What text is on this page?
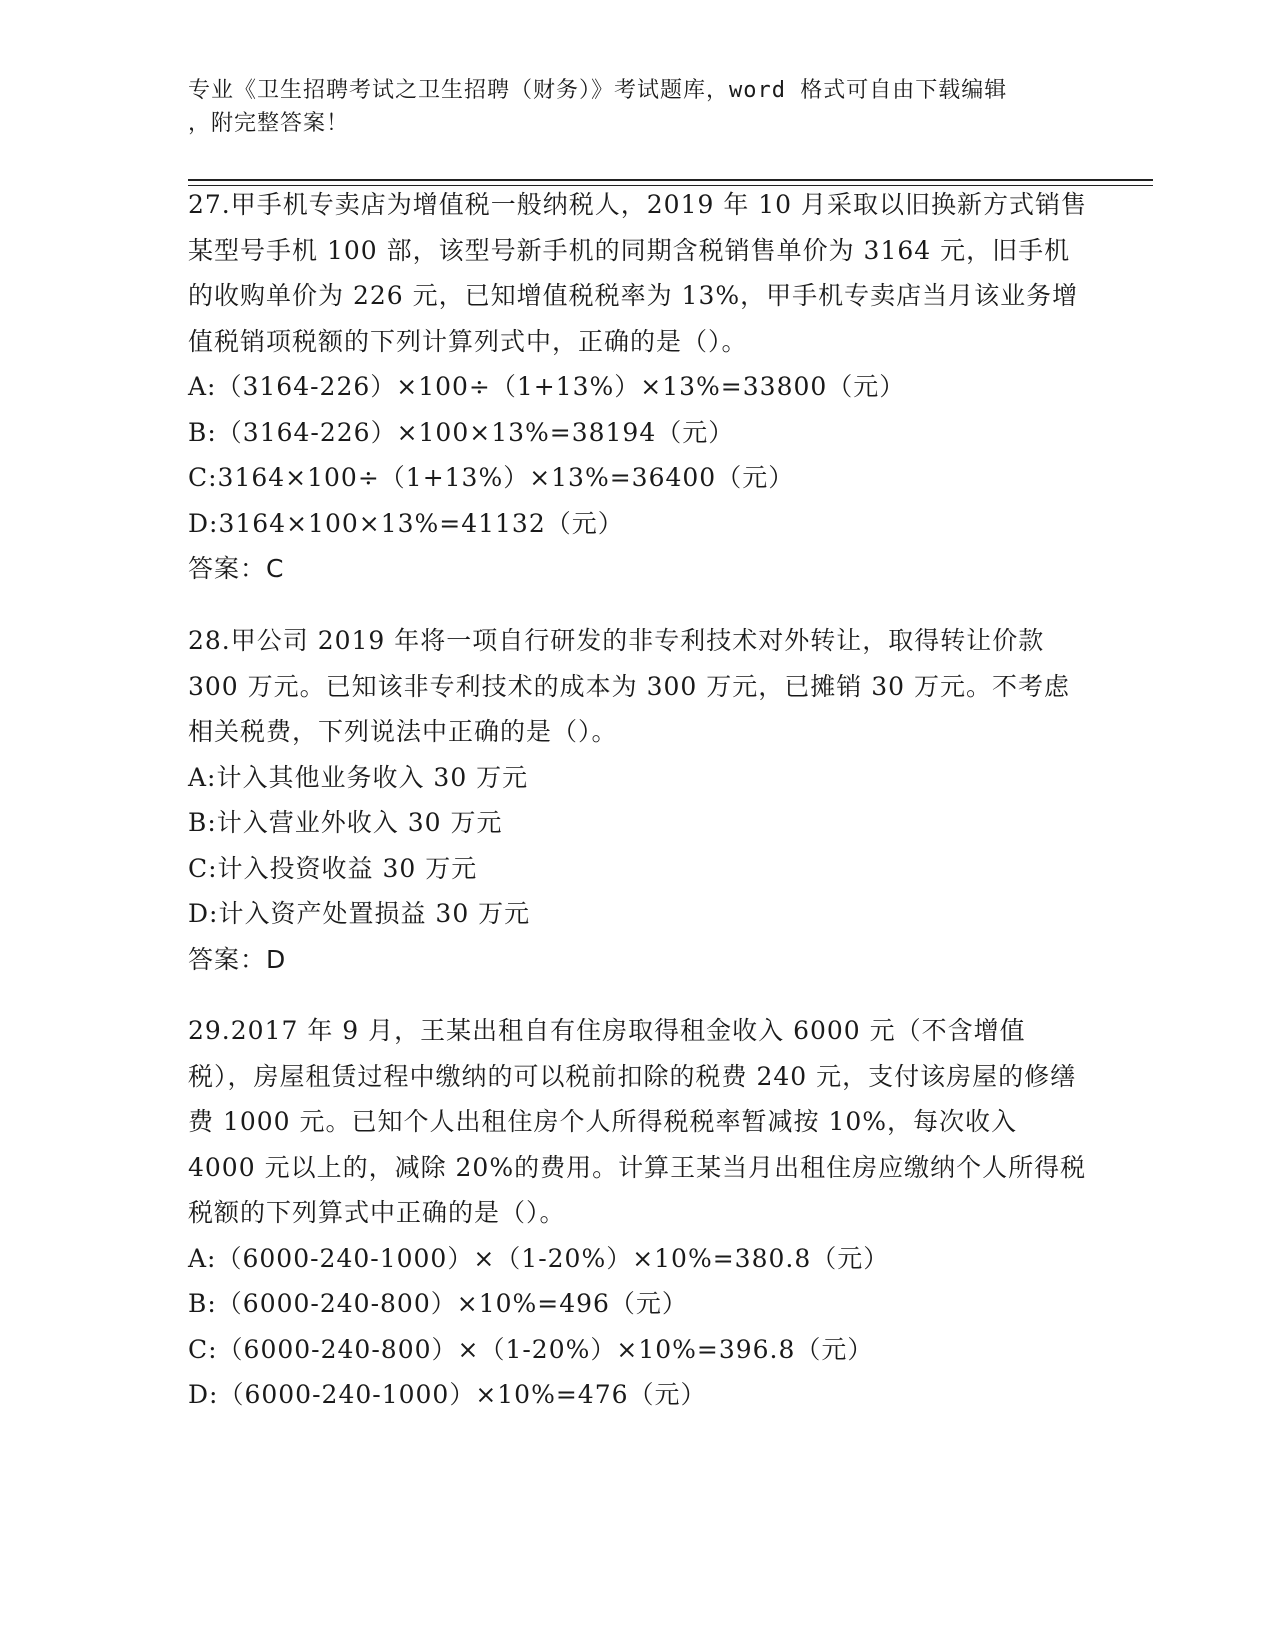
专业《卫生招聘考试之卫生招聘（财务）》考试题库，word 格式可自由下载编辑
，附完整答案！

27.甲手机专卖店为增值税一般纳税人，2019 年 10 月采取以旧换新方式销售某型号手机 100 部，该型号新手机的同期含税销售单价为 3164 元，旧手机的收购单价为 226 元，已知增值税税率为 13%，甲手机专卖店当月该业务增值税销项税额的下列计算列式中，正确的是（）。

A:（3164-226）×100÷（1+13%）×13%=33800（元）

B:（3164-226）×100×13%=38194（元）

C:3164×100÷（1+13%）×13%=36400（元）

D:3164×100×13%=41132（元）

答案：C

28.甲公司 2019 年将一项自行研发的非专利技术对外转让，取得转让价款 300 万元。已知该非专利技术的成本为 300 万元，已摊销 30 万元。不考虑相关税费，下列说法中正确的是（）。

A:计入其他业务收入 30 万元

B:计入营业外收入 30 万元

C:计入投资收益 30 万元

D:计入资产处置损益 30 万元

答案：D

29.2017 年 9 月，王某出租自有住房取得租金收入 6000 元（不含增值税），房屋租赁过程中缴纳的可以税前扣除的税费 240 元，支付该房屋的修缮费 1000 元。已知个人出租住房个人所得税税率暂减按 10%，每次收入 4000 元以上的，减除 20%的费用。计算王某当月出租住房应缴纳个人所得税税额的下列算式中正确的是（）。

A:（6000-240-1000）×（1-20%）×10%=380.8（元）

B:（6000-240-800）×10%=496（元）

C:（6000-240-800）×（1-20%）×10%=396.8（元）

D:（6000-240-1000）×10%=476（元）
